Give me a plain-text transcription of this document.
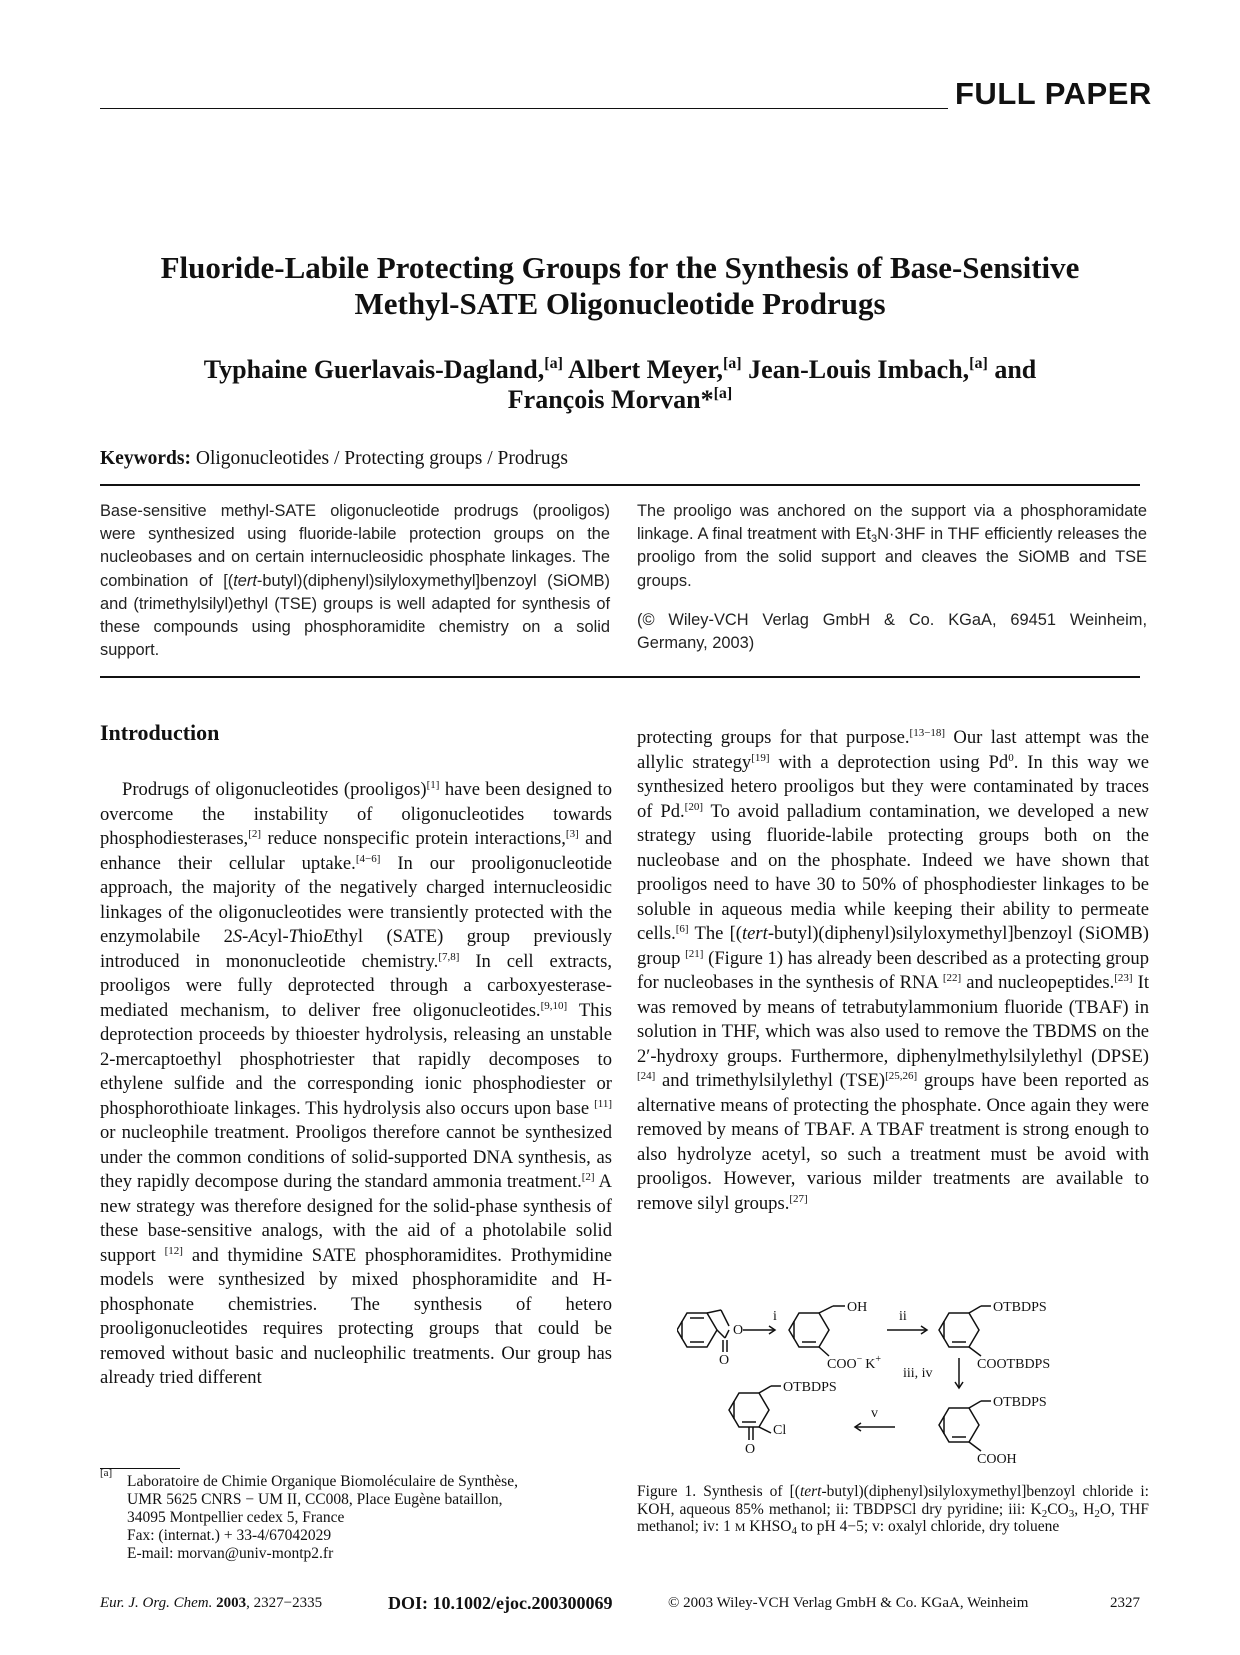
FULL PAPER
Fluoride-Labile Protecting Groups for the Synthesis of Base-Sensitive
Methyl-SATE Oligonucleotide Prodrugs
Typhaine Guerlavais-Dagland,[a] Albert Meyer,[a] Jean-Louis Imbach,[a] and
François Morvan*[a]
Keywords: Oligonucleotides / Protecting groups / Prodrugs

Base-sensitive methyl-SATE oligonucleotide prodrugs (prooligos) were synthesized using fluoride-labile protection groups on the nucleobases and on certain internucleosidic phosphate linkages. The combination of [(tert-butyl)(diphenyl)silyloxymethyl]benzoyl (SiOMB) and (trimethylsilyl)ethyl (TSE) groups is well adapted for synthesis of these compounds using phosphoramidite chemistry on a solid support.

The prooligo was anchored on the support via a phosphoramidate linkage. A final treatment with $Et_3N\cdot 3HF$ in THF efficiently releases the prooligo from the solid support and cleaves the SiOMB and TSE groups.

(© Wiley-VCH Verlag GmbH & Co. KGaA, 69451 Weinheim, Germany, 2003)

Introduction

Prodrugs of oligonucleotides (prooligos)[1] have been designed to overcome the instability of oligonucleotides towards phosphodiesterases,[2] reduce nonspecific protein interactions,[3] and enhance their cellular uptake.[4−6] In our prooligonucleotide approach, the majority of the negatively charged internucleosidic linkages of the oligonucleotides were transiently protected with the enzymolabile 2S-Acyl-ThioEthyl (SATE) group previously introduced in mononucleotide chemistry.[7,8] In cell extracts, prooligos were fully deprotected through a carboxyesterase-mediated mechanism, to deliver free oligonucleotides.[9,10] This deprotection proceeds by thioester hydrolysis, releasing an unstable 2-mercaptoethyl phosphotriester that rapidly decomposes to ethylene sulfide and the corresponding ionic phosphodiester or phosphorothioate linkages. This hydrolysis also occurs upon base [11] or nucleophile treatment. Prooligos therefore cannot be synthesized under the common conditions of solid-supported DNA synthesis, as they rapidly decompose during the standard ammonia treatment.[2] A new strategy was therefore designed for the solid-phase synthesis of these base-sensitive analogs, with the aid of a photolabile solid support [12] and thymidine SATE phosphoramidites. Prothymidine models were synthesized by mixed phosphoramidite and H-phosphonate chemistries. The synthesis of hetero prooligonucleotides requires protecting groups that could be removed without basic and nucleophilic treatments. Our group has already tried different

protecting groups for that purpose.[13−18] Our last attempt was the allylic strategy[19] with a deprotection using Pd$^0$. In this way we synthesized hetero prooligos but they were contaminated by traces of Pd.[20] To avoid palladium contamination, we developed a new strategy using fluoride-labile protecting groups both on the nucleobase and on the phosphate. Indeed we have shown that prooligos need to have 30 to 50% of phosphodiester linkages to be soluble in aqueous media while keeping their ability to permeate cells.[6] The [(tert-butyl)(diphenyl)silyloxymethyl]benzoyl (SiOMB) group [21] (Figure 1) has already been described as a protecting group for nucleobases in the synthesis of RNA [22] and nucleopeptides.[23] It was removed by means of tetrabutylammonium fluoride (TBAF) in solution in THF, which was also used to remove the TBDMS on the 2′-hydroxy groups. Furthermore, diphenylmethylsilylethyl (DPSE) [24] and trimethylsilylethyl (TSE)[25,26] groups have been reported as alternative means of protecting the phosphate. Once again they were removed by means of TBAF. A TBAF treatment is strong enough to also hydrolyze acetyl, so such a treatment must be avoid with prooligos. However, various milder treatments are available to remove silyl groups.[27]

i	ii
iii, iv
v
O
O
OH
COO− K+
OTBDPS
COOTBDPS
OTBDPS
COOH
OTBDPS
Cl
O
Figure 1. Synthesis of [(tert-butyl)(diphenyl)silyloxymethyl]benzoyl chloride i: KOH, aqueous 85% methanol; ii: TBDPSCl dry pyridine; iii: $K_2CO_3$, $H_2O$, THF methanol; iv: 1 M $KHSO_4$ to pH 4−5; v: oxalyl chloride, dry toluene
[a] Laboratoire de Chimie Organique Biomoléculaire de Synthèse,
UMR 5625 CNRS − UM II, CC008, Place Eugène bataillon,
34095 Montpellier cedex 5, France
Fax: (internat.) + 33-4/67042029
E-mail: morvan@univ-montp2.fr
Eur. J. Org. Chem. 2003, 2327−2335	DOI: 10.1002/ejoc.200300069	© 2003 Wiley-VCH Verlag GmbH & Co. KGaA, Weinheim	2327
